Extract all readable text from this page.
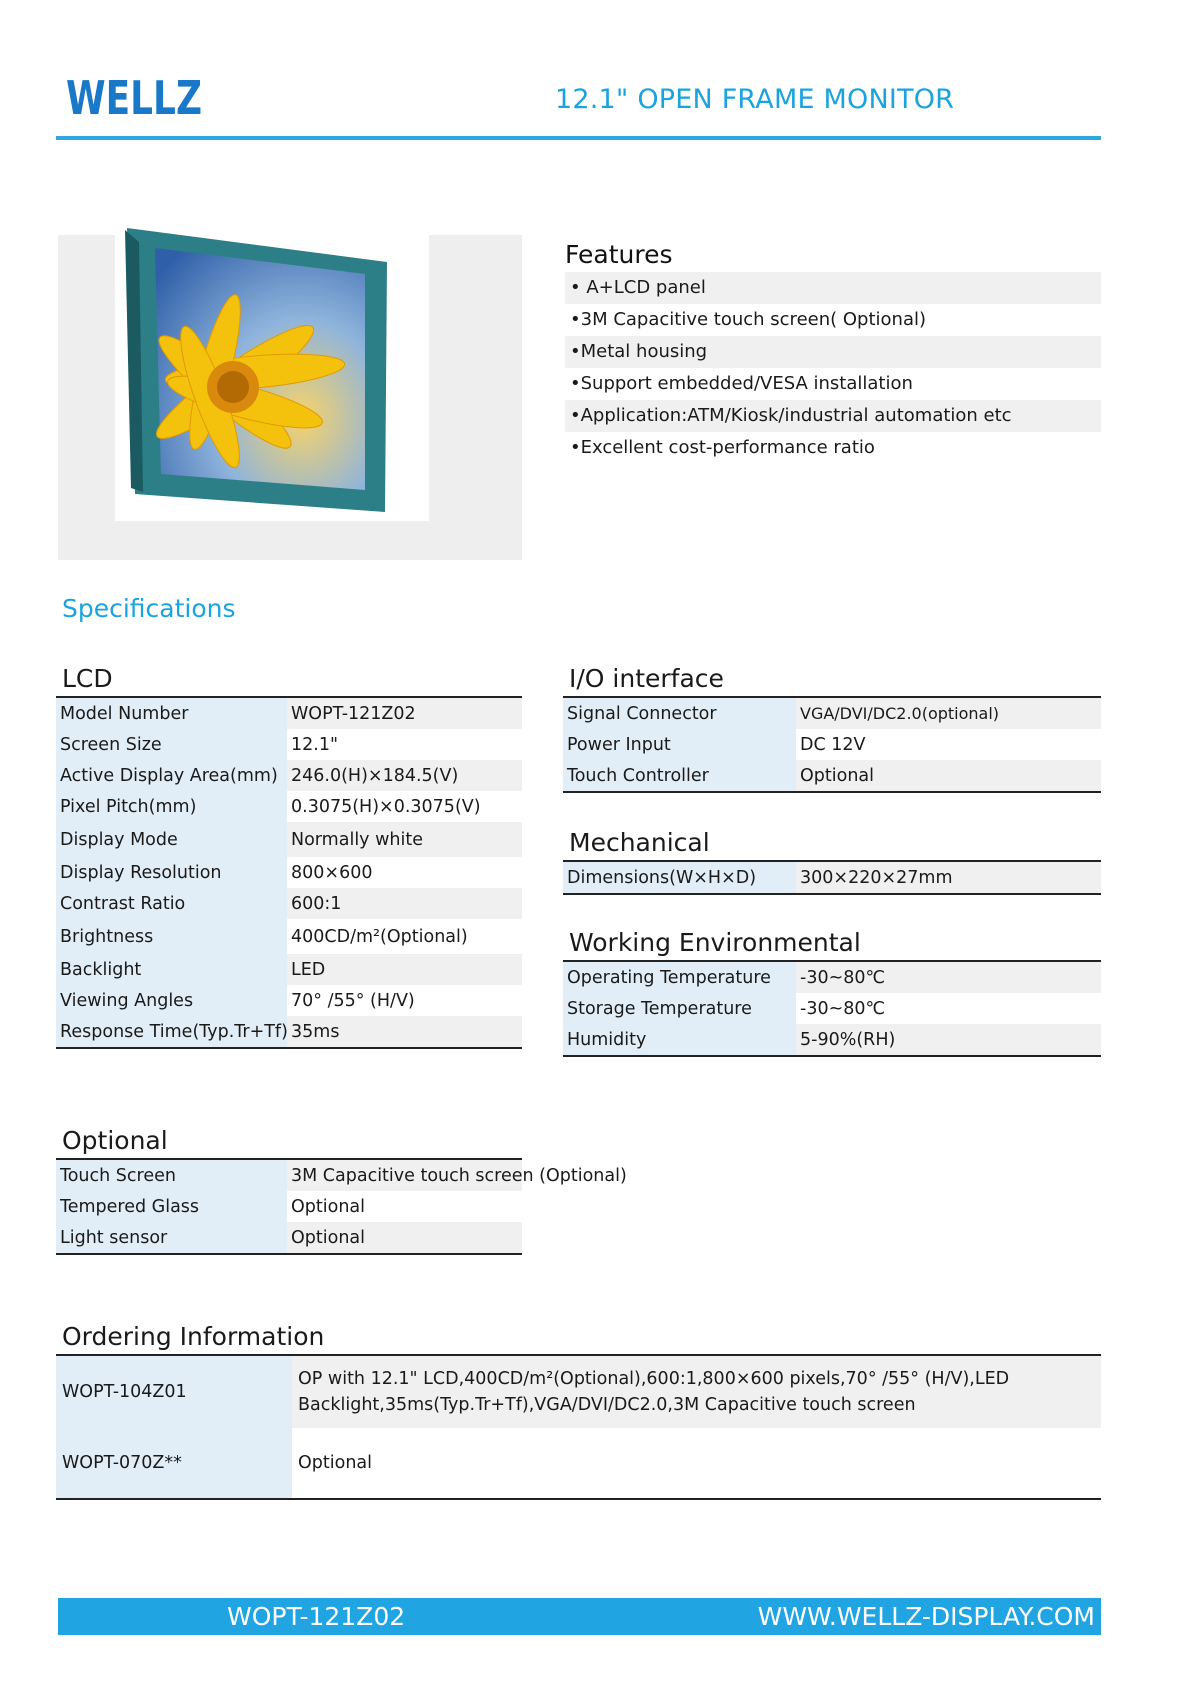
WELLZ	12.1" OPEN FRAME MONITOR
Features
• A+LCD panel
•3M Capacitive touch screen( Optional)
•Metal housing
•Support embedded/VESA installation
•Application:ATM/Kiosk/industrial automation etc
•Excellent cost-performance ratio
Specifications
LCD
Model Number	WOPT-121Z02
Screen Size	12.1"
Active Display Area(mm)	246.0(H)×184.5(V)
Pixel Pitch(mm)	0.3075(H)×0.3075(V)
Display Mode	Normally white
Display Resolution	800×600
Contrast Ratio	600:1
Brightness	400CD/m²(Optional)
Backlight	LED
Viewing Angles	70° /55° (H/V)
Response Time(Typ.Tr+Tf)	35ms
I/O interface
Signal Connector	VGA/DVI/DC2.0(optional)
Power Input	DC 12V
Touch Controller	Optional
Mechanical
Dimensions(W×H×D)	300×220×27mm
Working Environmental
Operating Temperature	-30~80℃
Storage Temperature	-30~80℃
Humidity	5-90%(RH)
Optional
Touch Screen	3M Capacitive touch screen (Optional)
Tempered Glass	Optional
Light sensor	Optional
Ordering Information
WOPT-104Z01
OP with 12.1" LCD,400CD/m²(Optional),600:1,800×600 pixels,70° /55° (H/V),LED
Backlight,35ms(Typ.Tr+Tf),VGA/DVI/DC2.0,3M Capacitive touch screen
WOPT-070Z**	Optional
WOPT-121Z02	WWW.WELLZ-DISPLAY.COM
